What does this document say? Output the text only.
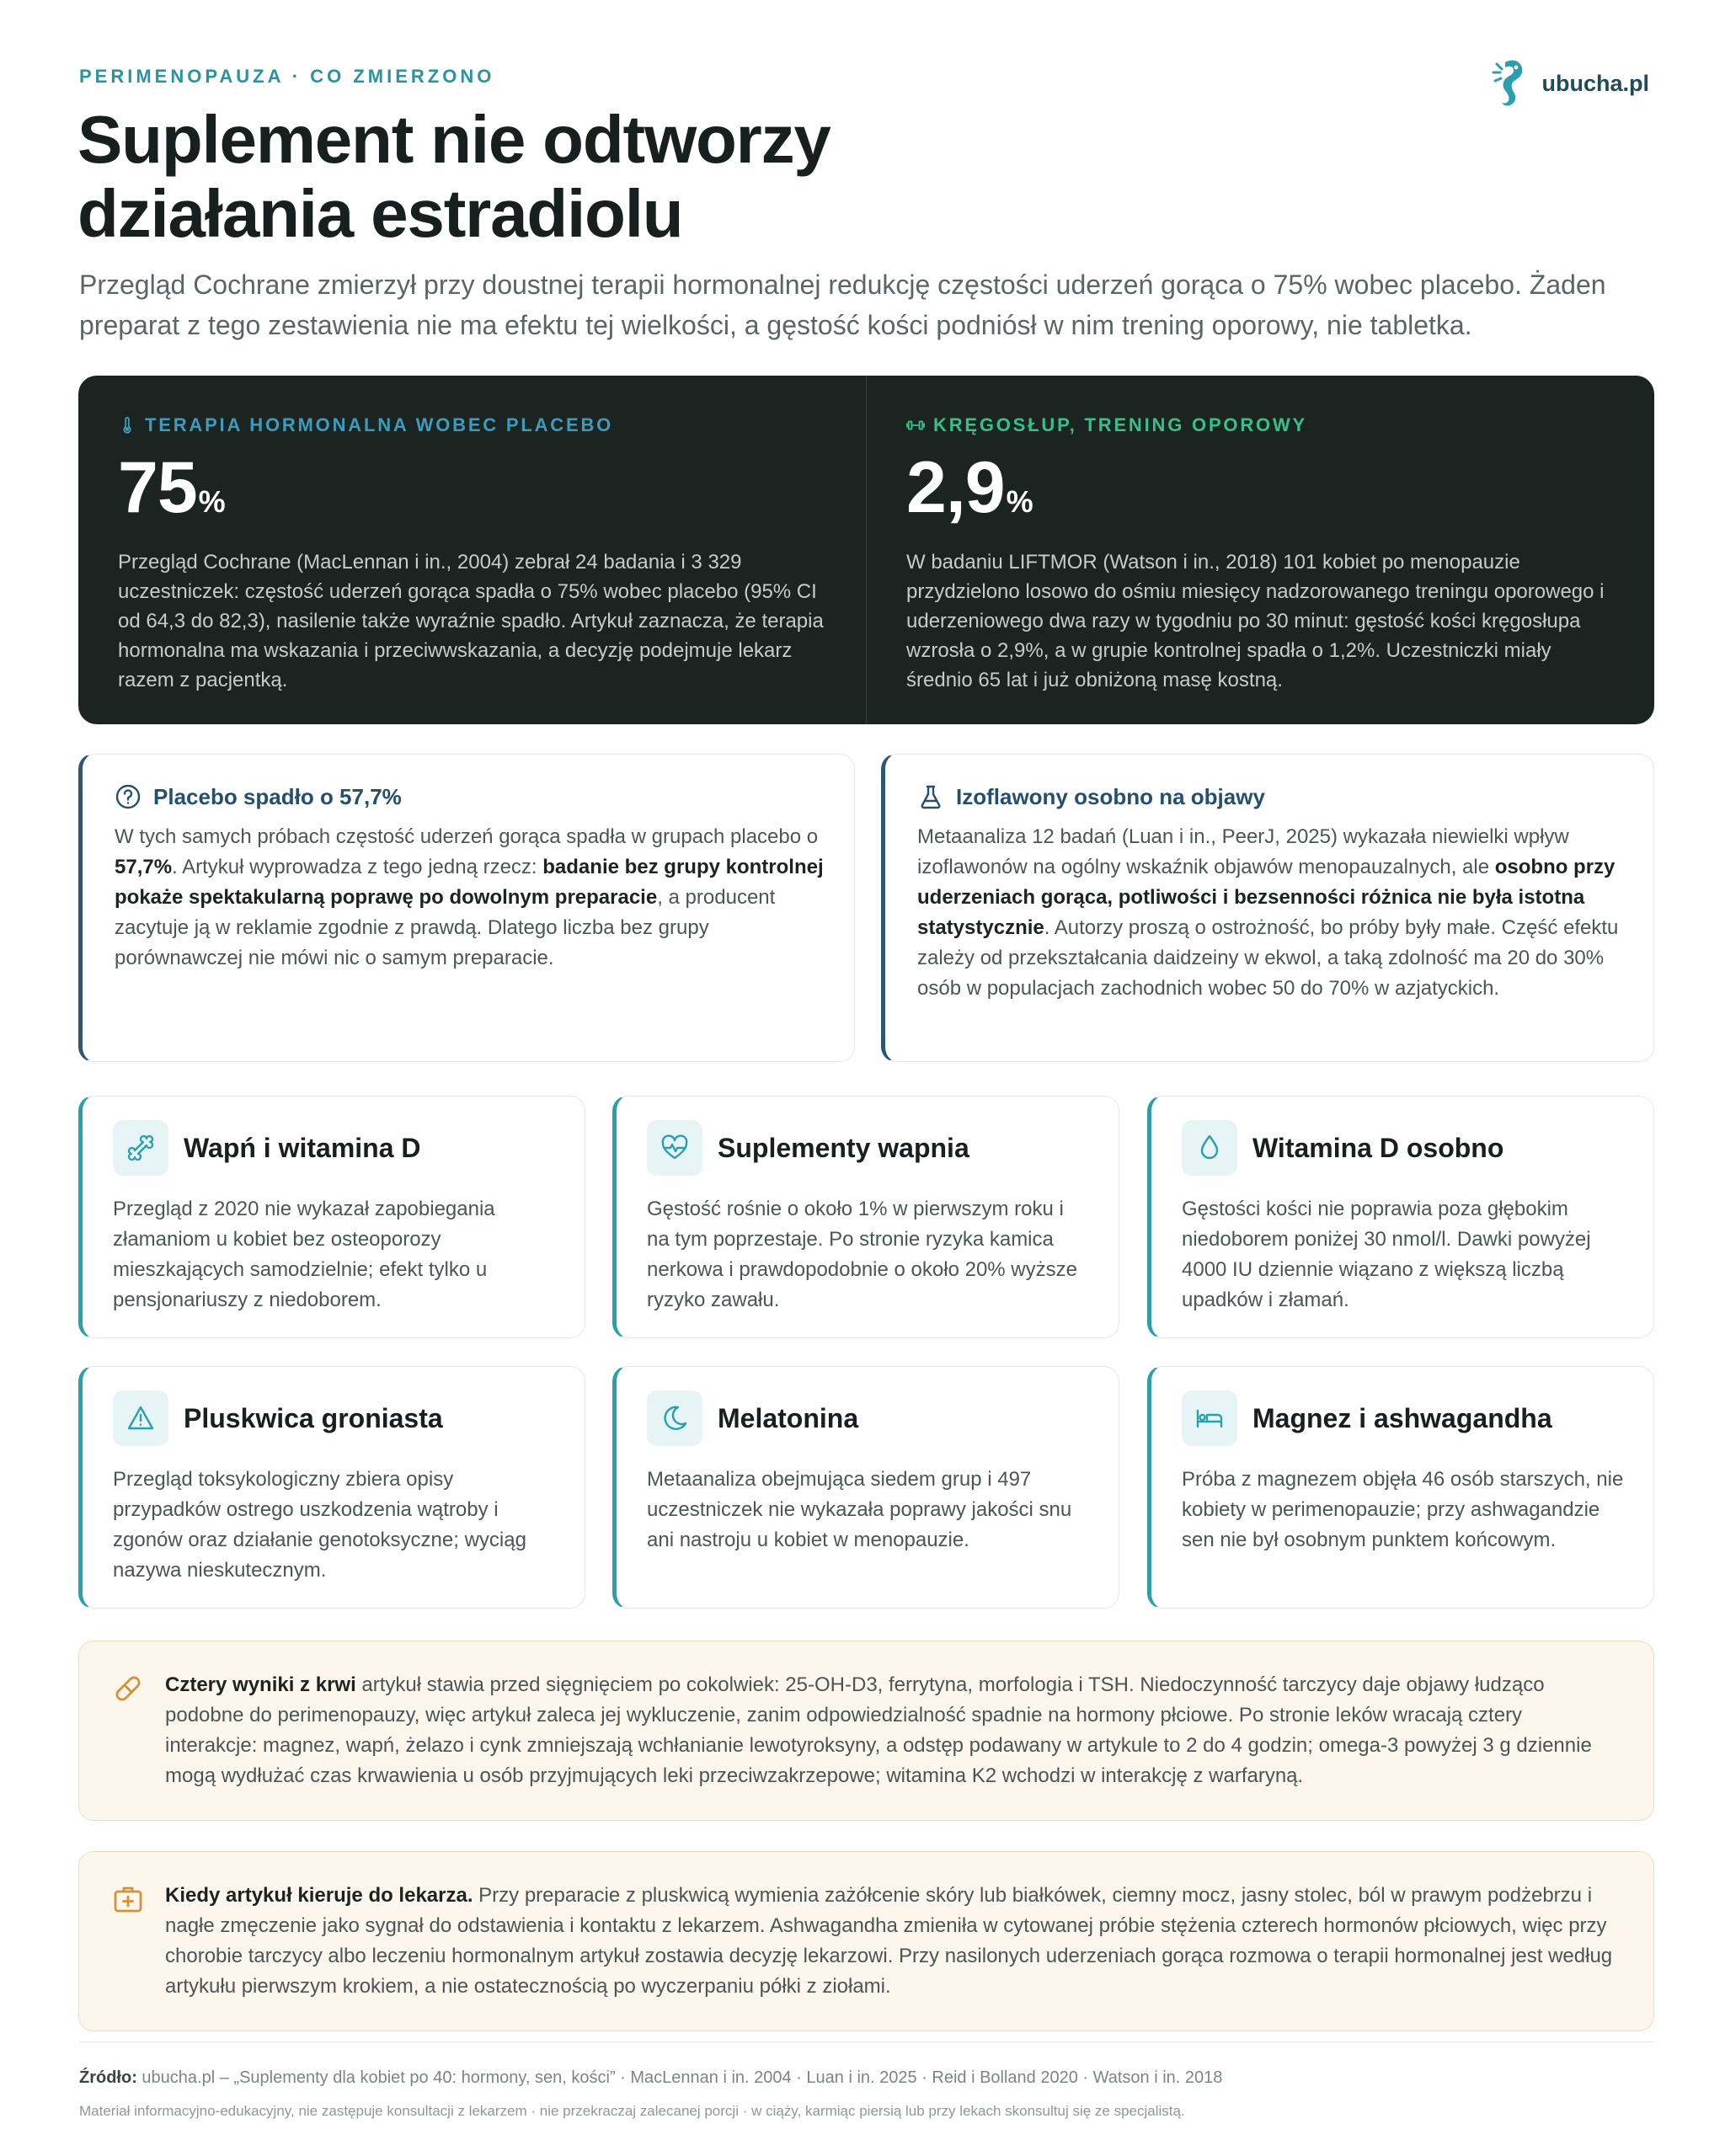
PERIMENOPAUZA · CO ZMIERZONO	ubucha.pl
Suplement nie odtworzy
działania estradiolu

Przegląd Cochrane zmierzył przy doustnej terapii hormonalnej redukcję częstości uderzeń gorąca o 75% wobec placebo. Żaden preparat z tego zestawienia nie ma efektu tej wielkości, a gęstość kości podniósł w nim trening oporowy, nie tabletka.

TERAPIA HORMONALNA WOBEC PLACEBO
75 %

Przegląd Cochrane (MacLennan i in., 2004) zebrał 24 badania i 3 329 uczestniczek: częstość uderzeń gorąca spadła o 75% wobec placebo (95% CI od 64,3 do 82,3), nasilenie także wyraźnie spadło. Artykuł zaznacza, że terapia hormonalna ma wskazania i przeciwwskazania, a decyzję podejmuje lekarz razem z pacjentką.

KRĘGOSŁUP, TRENING OPOROWY
2,9 %

W badaniu LIFTMOR (Watson i in., 2018) 101 kobiet po menopauzie przydzielono losowo do ośmiu miesięcy nadzorowanego treningu oporowego i uderzeniowego dwa razy w tygodniu po 30 minut: gęstość kości kręgosłupa wzrosła o 2,9%, a w grupie kontrolnej spadła o 1,2%. Uczestniczki miały średnio 65 lat i już obniżoną masę kostną.

Placebo spadło o 57,7%

W tych samych próbach częstość uderzeń gorąca spadła w grupach placebo o 57,7%. Artykuł wyprowadza z tego jedną rzecz: badanie bez grupy kontrolnej pokaże spektakularną poprawę po dowolnym preparacie, a producent zacytuje ją w reklamie zgodnie z prawdą. Dlatego liczba bez grupy porównawczej nie mówi nic o samym preparacie.

Izoflawony osobno na objawy

Metaanaliza 12 badań (Luan i in., PeerJ, 2025) wykazała niewielki wpływ izoflawonów na ogólny wskaźnik objawów menopauzalnych, ale osobno przy uderzeniach gorąca, potliwości i bezsenności różnica nie była istotna statystycznie. Autorzy proszą o ostrożność, bo próby były małe. Część efektu zależy od przekształcania daidzeiny w ekwol, a taką zdolność ma 20 do 30% osób w populacjach zachodnich wobec 50 do 70% w azjatyckich.

Wapń i witamina D

Przegląd z 2020 nie wykazał zapobiegania złamaniom u kobiet bez osteoporozy mieszkających samodzielnie; efekt tylko u pensjonariuszy z niedoborem.

Suplementy wapnia

Gęstość rośnie o około 1% w pierwszym roku i na tym poprzestaje. Po stronie ryzyka kamica nerkowa i prawdopodobnie o około 20% wyższe ryzyko zawału.

Witamina D osobno

Gęstości kości nie poprawia poza głębokim niedoborem poniżej 30 nmol/l. Dawki powyżej 4000 IU dziennie wiązano z większą liczbą upadków i złamań.

Pluskwica groniasta

Przegląd toksykologiczny zbiera opisy przypadków ostrego uszkodzenia wątroby i zgonów oraz działanie genotoksyczne; wyciąg nazywa nieskutecznym.

Melatonina

Metaanaliza obejmująca siedem grup i 497 uczestniczek nie wykazała poprawy jakości snu ani nastroju u kobiet w menopauzie.

Magnez i ashwagandha

Próba z magnezem objęła 46 osób starszych, nie kobiety w perimenopauzie; przy ashwagandzie sen nie był osobnym punktem końcowym.

Cztery wyniki z krwi artykuł stawia przed sięgnięciem po cokolwiek: 25-OH-D3, ferrytyna, morfologia i TSH. Niedoczynność tarczycy daje objawy łudząco podobne do perimenopauzy, więc artykuł zaleca jej wykluczenie, zanim odpowiedzialność spadnie na hormony płciowe. Po stronie leków wracają cztery interakcje: magnez, wapń, żelazo i cynk zmniejszają wchłanianie lewotyroksyny, a odstęp podawany w artykule to 2 do 4 godzin; omega-3 powyżej 3 g dziennie mogą wydłużać czas krwawienia u osób przyjmujących leki przeciwzakrzepowe; witamina K2 wchodzi w interakcję z warfaryną.

Kiedy artykuł kieruje do lekarza. Przy preparacie z pluskwicą wymienia zażółcenie skóry lub białkówek, ciemny mocz, jasny stolec, ból w prawym podżebrzu i nagłe zmęczenie jako sygnał do odstawienia i kontaktu z lekarzem. Ashwagandha zmieniła w cytowanej próbie stężenia czterech hormonów płciowych, więc przy chorobie tarczycy albo leczeniu hormonalnym artykuł zostawia decyzję lekarzowi. Przy nasilonych uderzeniach gorąca rozmowa o terapii hormonalnej jest według artykułu pierwszym krokiem, a nie ostatecznością po wyczerpaniu półki z ziołami.

Źródło: ubucha.pl – „Suplementy dla kobiet po 40: hormony, sen, kości” · MacLennan i in. 2004 · Luan i in. 2025 · Reid i Bolland 2020 · Watson i in. 2018

Materiał informacyjno-edukacyjny, nie zastępuje konsultacji z lekarzem · nie przekraczaj zalecanej porcji · w ciąży, karmiąc piersią lub przy lekach skonsultuj się ze specjalistą.
